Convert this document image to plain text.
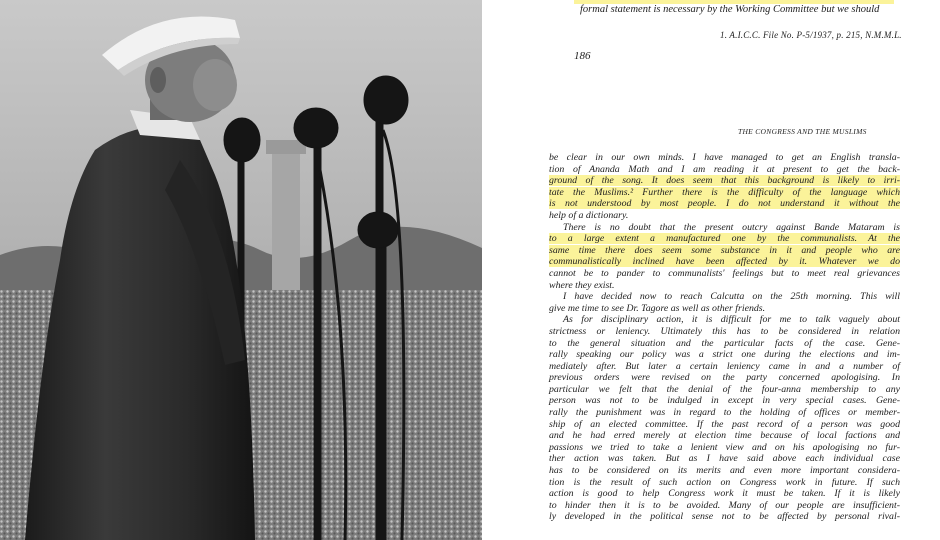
formal statement is necessary by the Working Committee but we should
1. A.I.C.C. File No. P-5/1937, p. 215, N.M.M.L.
186
THE CONGRESS AND THE MUSLIMS
be clear in our own minds. I have managed to get an English transla-
tion of Ananda Math and I am reading it at present to get the back-
ground of the song. It does seem that this background is likely to irri-
tate the Muslims.² Further there is the difficulty of the language which
is not understood by most people. I do not understand it without the
help of a dictionary.
There is no doubt that the present outcry against Bande Mataram is
to a large extent a manufactured one by the communalists. At the
same time there does seem some substance in it and people who are
communalistically inclined have been affected by it. Whatever we do
cannot be to pander to communalists' feelings but to meet real grievances
where they exist.
I have decided now to reach Calcutta on the 25th morning. This will
give me time to see Dr. Tagore as well as other friends.
As for disciplinary action, it is difficult for me to talk vaguely about
strictness or leniency. Ultimately this has to be considered in relation
to the general situation and the particular facts of the case. Gene-
rally speaking our policy was a strict one during the elections and im-
mediately after. But later a certain leniency came in and a number of
previous orders were revised on the party concerned apologising. In
particular we felt that the denial of the four-anna membership to any
person was not to be indulged in except in very special cases. Gene-
rally the punishment was in regard to the holding of offices or member-
ship of an elected committee. If the past record of a person was good
and he had erred merely at election time because of local factions and
passions we tried to take a lenient view and on his apologising no fur-
ther action was taken. But as I have said above each individual case
has to be considered on its merits and even more important considera-
tion is the result of such action on Congress work in future. If such
action is good to help Congress work it must be taken. If it is likely
to hinder then it is to be avoided. Many of our people are insufficient-
ly developed in the political sense not to be affected by personal rival-
